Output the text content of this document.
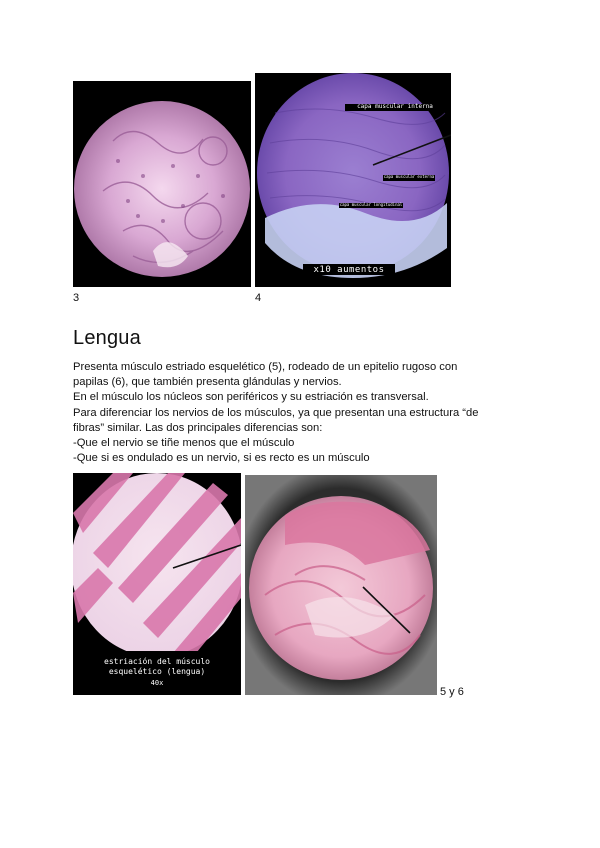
3
capa muscular interna
capa muscular externa
capa muscular longitudinal
x10 aumentos
4
Lengua
Presenta músculo estriado esquelético (5), rodeado de un epitelio rugoso con
papilas (6), que también presenta glándulas y nervios.
En el músculo los núcleos son periféricos y su estriación es transversal.
Para diferenciar los nervios de los músculos, ya que presentan una estructura “de
fibras” similar. Las dos principales diferencias son:
-Que el nervio se tiñe menos que el músculo
-Que si es ondulado es un nervio, si es recto es un músculo
estriación del músculo
esquelético (lengua)
40x
5 y 6
